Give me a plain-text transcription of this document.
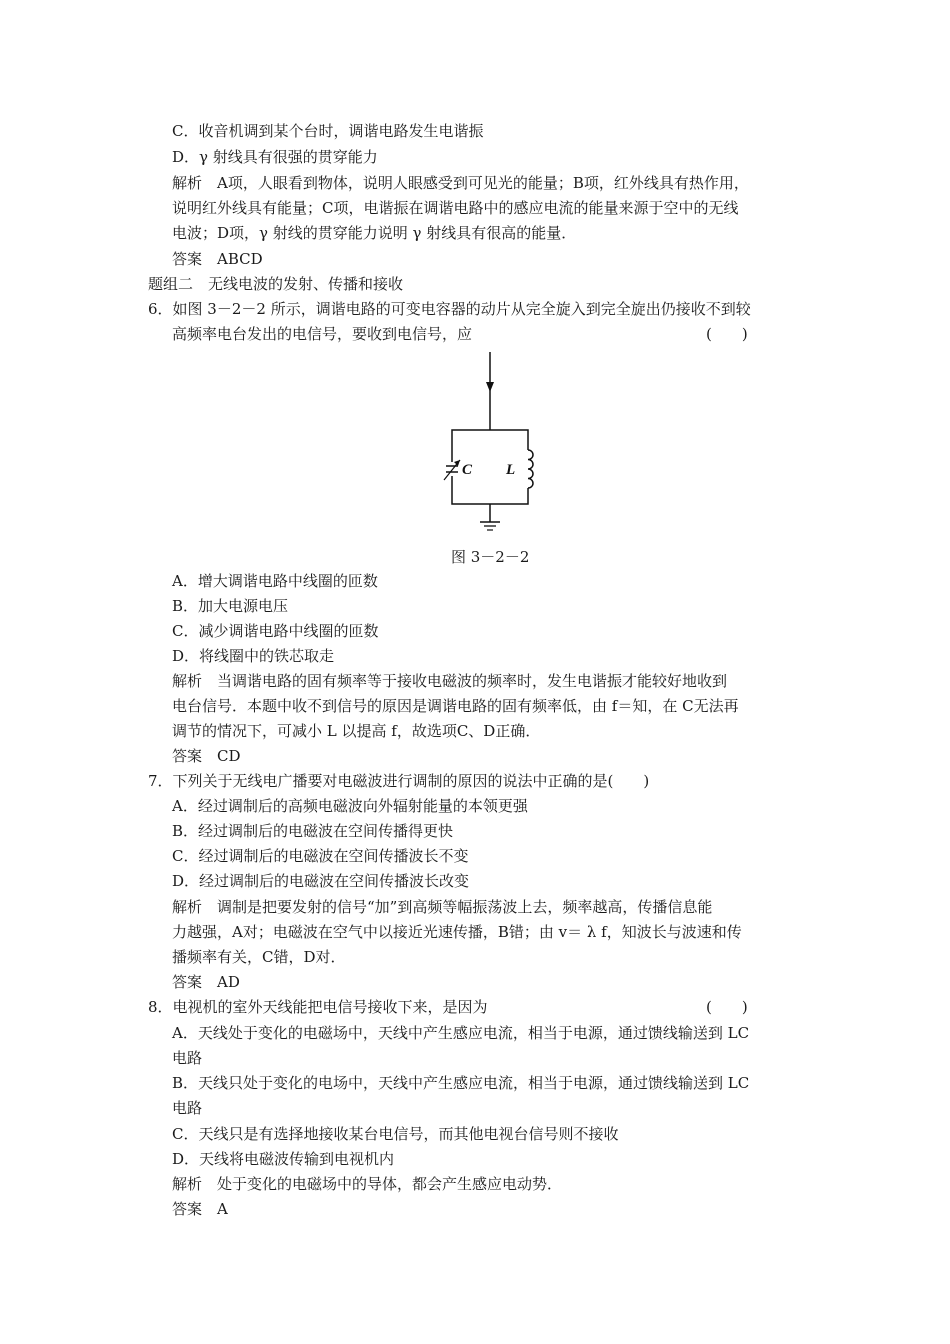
C．收音机调到某个台时，调谐电路发生电谐振
D．γ 射线具有很强的贯穿能力
解析　A项，人眼看到物体，说明人眼感受到可见光的能量；B项，红外线具有热作用，
说明红外线具有能量；C项，电谐振在调谐电路中的感应电流的能量来源于空中的无线
电波；D项，γ 射线的贯穿能力说明 γ 射线具有很高的能量．
答案　ABCD
题组二　无线电波的发射、传播和接收
6．如图 3－2－2 所示，调谐电路的可变电容器的动片从完全旋入到完全旋出仍接收不到较
高频率电台发出的电信号，要收到电信号，应	(　　)
C L
图 3－2－2
A．增大调谐电路中线圈的匝数
B．加大电源电压
C．减少调谐电路中线圈的匝数
D．将线圈中的铁芯取走
解析　当调谐电路的固有频率等于接收电磁波的频率时，发生电谐振才能较好地收到
电台信号．本题中收不到信号的原因是调谐电路的固有频率低，由 f＝知，在 C无法再
调节的情况下，可减小 L 以提高 f，故选项C、D正确．
答案　CD
7．下列关于无线电广播要对电磁波进行调制的原因的说法中正确的是(　　)
A．经过调制后的高频电磁波向外辐射能量的本领更强
B．经过调制后的电磁波在空间传播得更快
C．经过调制后的电磁波在空间传播波长不变
D．经过调制后的电磁波在空间传播波长改变
解析　调制是把要发射的信号“加”到高频等幅振荡波上去，频率越高，传播信息能
力越强，A对；电磁波在空气中以接近光速传播，B错；由 v＝ λ f，知波长与波速和传
播频率有关，C错，D对．
答案　AD
8．电视机的室外天线能把电信号接收下来，是因为	(　　)
A．天线处于变化的电磁场中，天线中产生感应电流，相当于电源，通过馈线输送到 LC
电路
B．天线只处于变化的电场中，天线中产生感应电流，相当于电源，通过馈线输送到 LC
电路
C．天线只是有选择地接收某台电信号，而其他电视台信号则不接收
D．天线将电磁波传输到电视机内
解析　处于变化的电磁场中的导体，都会产生感应电动势．
答案　A
